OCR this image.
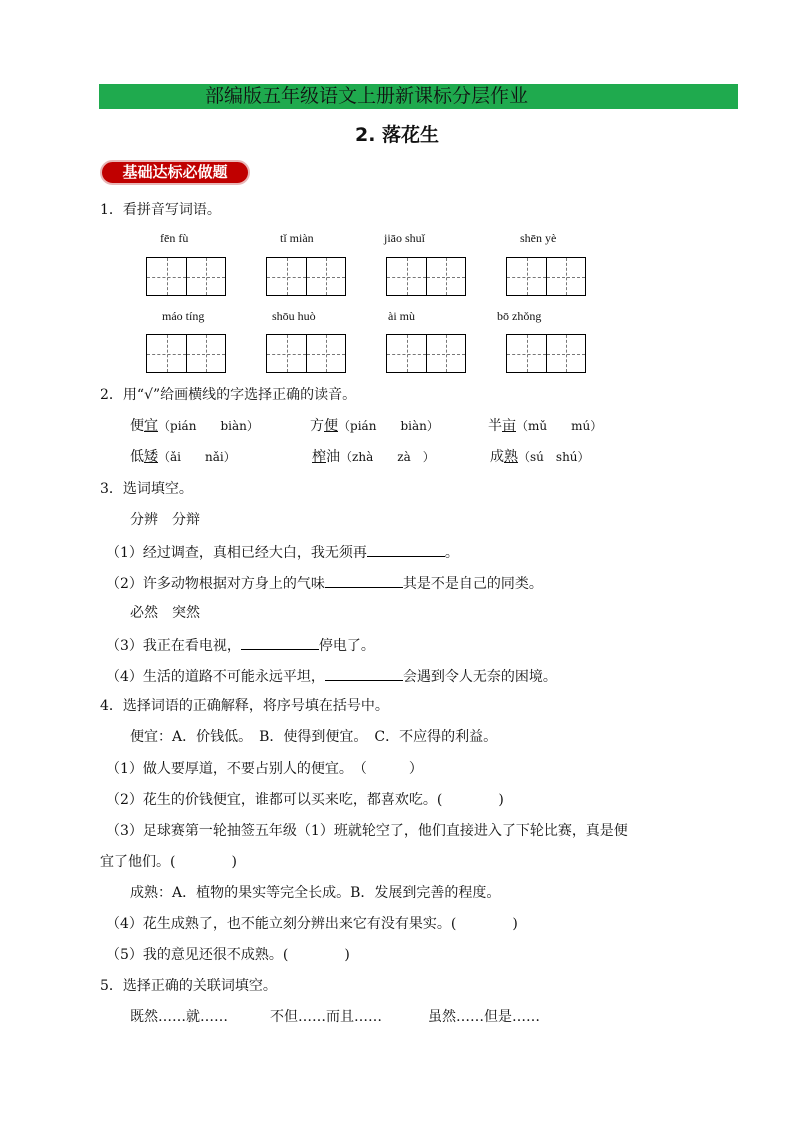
部编版五年级语文上册新课标分层作业
2. 落花生
基础达标必做题
1．看拼音写词语。
fēn fù	tǐ miàn	jiāo shuǐ	shēn yè
máo tíng	shōu huò	ài mù	bō zhǒng
2．用“√”给画横线的字选择正确的读音。
便宜（pián　　 biàn）	方便（pián　　 biàn）	半亩（mǔ　　 mú）
低矮（ǎi　　 nǎi）	榨油（zhà　　 zà　）	成熟（sú　 shú）
3．选词填空。
分辨　分辩
（1）经过调查，真相已经大白，我无须再	。
（2）许多动物根据对方身上的气味	其是不是自己的同类。
必然　突然
（3）我正在看电视，	停电了。
（4）生活的道路不可能永远平坦，	会遇到令人无奈的困境。
4．选择词语的正确解释，将序号填在括号中。
便宜：A．价钱低。　B．使得到便宜。　C．不应得的利益。
（1）做人要厚道，不要占别人的便宜。　（　　　）
（2）花生的价钱便宜，谁都可以买来吃，都喜欢吃。(　　　　)
（3）足球赛第一轮抽签五年级（1）班就轮空了，他们直接进入了下轮比赛，真是便
宜了他们。(　　　　)
成熟：A．植物的果实等完全长成。B．发展到完善的程度。
（4）花生成熟了，也不能立刻分辨出来它有没有果实。(　　　　)
（5）我的意见还很不成熟。(　　　　)
5．选择正确的关联词填空。
既然……就……	不但……而且……	虽然……但是……
